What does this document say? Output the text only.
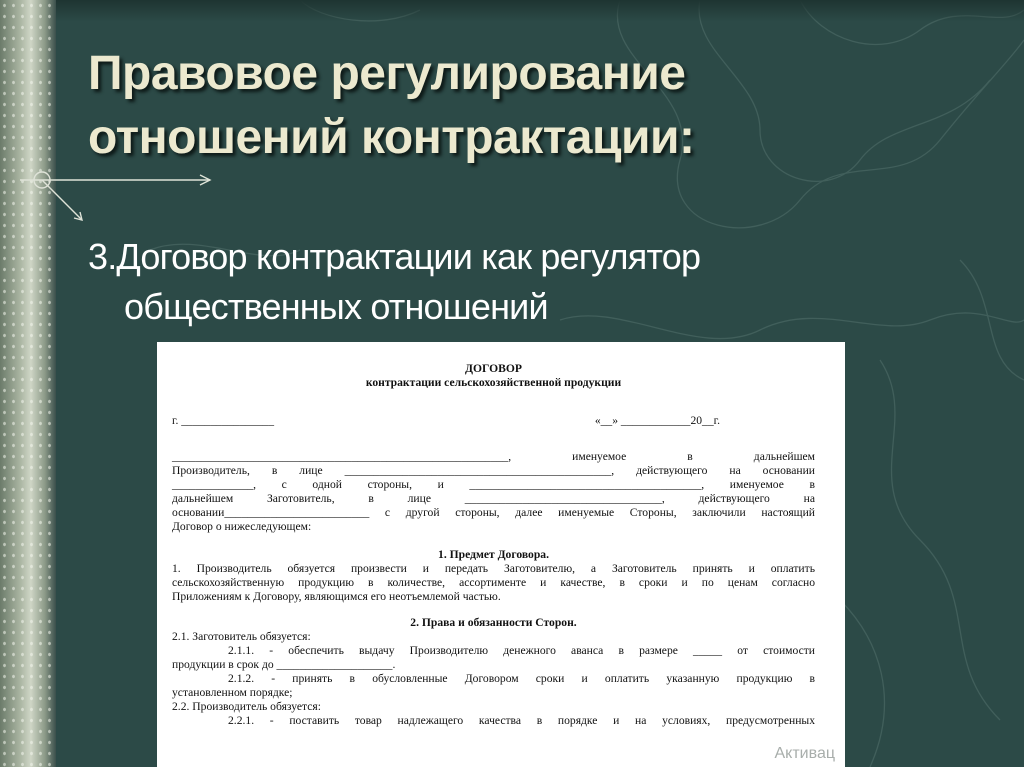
Правовое регулирование
отношений контрактации:
3.Договор контрактации как регулятор
общественных отношений
ДОГОВОР
контрактации сельскохозяйственной продукции
г. ________________	«__» ____________20__г.
__________________________________________________________, именуемое в дальнейшем
Производитель, в лице ______________________________________________, действующего на основании
______________, с одной стороны, и ________________________________________, именуемое в
дальнейшем Заготовитель, в лице __________________________________, действующего на
основании_________________________ с другой стороны, далее именуемые Стороны, заключили настоящий
Договор о нижеследующем:
1. Предмет Договора.
1. Производитель обязуется произвести и передать Заготовителю, а Заготовитель принять и оплатить
сельскохозяйственную продукцию в количестве, ассортименте и качестве, в сроки и по ценам согласно
Приложениям к Договору, являющимся его неотъемлемой частью.
2. Права и обязанности Сторон.
2.1. Заготовитель обязуется:
2.1.1. - обеспечить выдачу Производителю денежного аванса в размере _____ от стоимости
продукции в срок до ____________________.
2.1.2. - принять в обусловленные Договором сроки и оплатить указанную продукцию в
установленном порядке;
2.2. Производитель обязуется:
2.2.1. - поставить товар надлежащего качества в порядке и на условиях, предусмотренных
Активац
